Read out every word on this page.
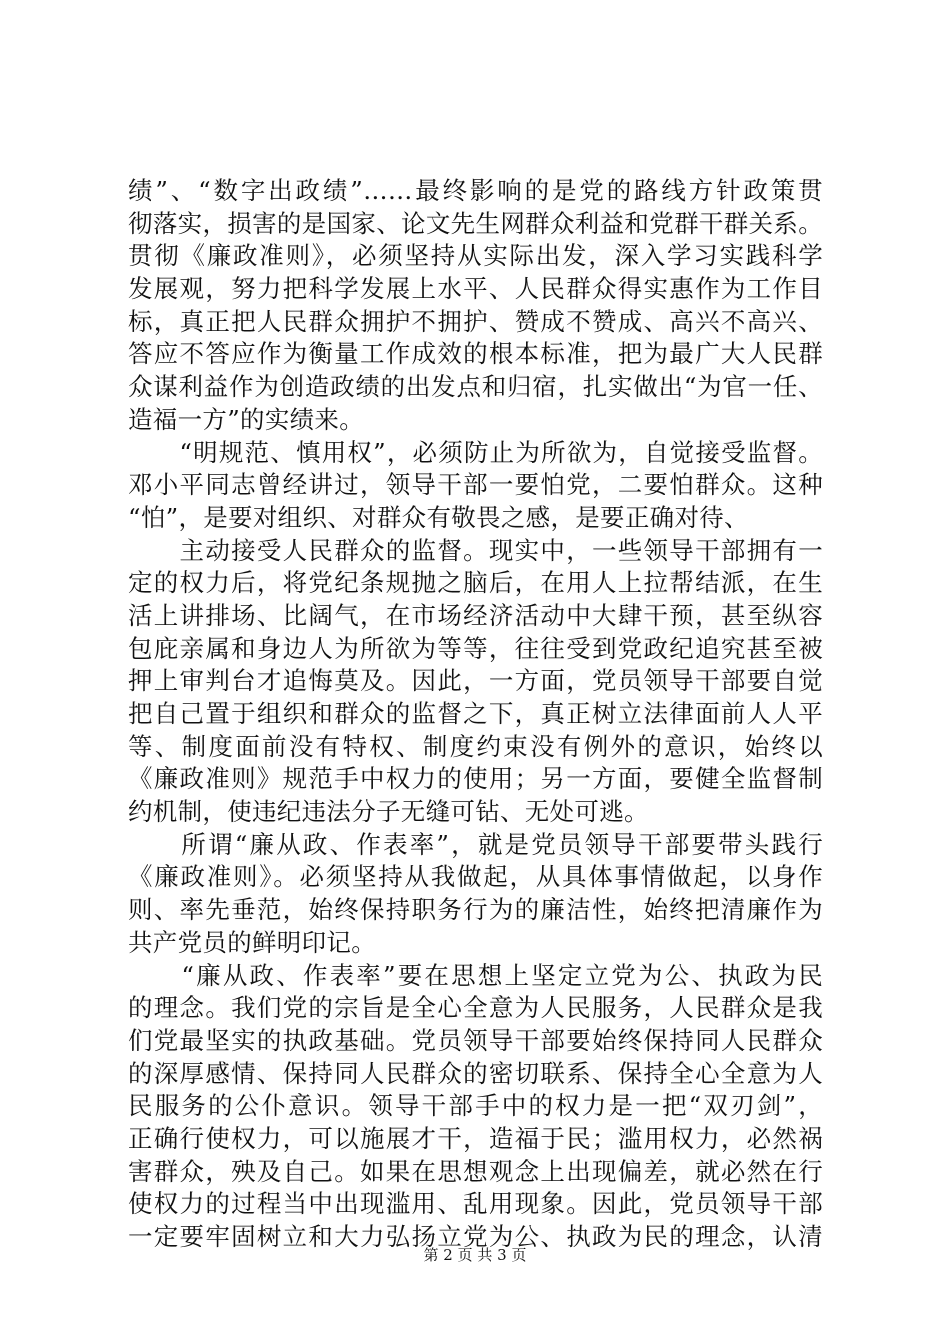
绩”、“数字出政绩”……最终影响的是党的路线方针政策贯
彻落实，损害的是国家、论文先生网群众利益和党群干群关系。
贯彻《廉政准则》，必须坚持从实际出发，深入学习实践科学
发展观，努力把科学发展上水平、人民群众得实惠作为工作目
标，真正把人民群众拥护不拥护、赞成不赞成、高兴不高兴、
答应不答应作为衡量工作成效的根本标准，把为最广大人民群
众谋利益作为创造政绩的出发点和归宿，扎实做出“为官一任、
造福一方”的实绩来。
　　“明规范、慎用权”，必须防止为所欲为，自觉接受监督。
邓小平同志曾经讲过，领导干部一要怕党，二要怕群众。这种
“怕”，是要对组织、对群众有敬畏之感，是要正确对待、
　　主动接受人民群众的监督。现实中，一些领导干部拥有一
定的权力后，将党纪条规抛之脑后，在用人上拉帮结派，在生
活上讲排场、比阔气，在市场经济活动中大肆干预，甚至纵容
包庇亲属和身边人为所欲为等等，往往受到党政纪追究甚至被
押上审判台才追悔莫及。因此，一方面，党员领导干部要自觉
把自己置于组织和群众的监督之下，真正树立法律面前人人平
等、制度面前没有特权、制度约束没有例外的意识，始终以
《廉政准则》规范手中权力的使用；另一方面，要健全监督制
约机制，使违纪违法分子无缝可钻、无处可逃。
　　所谓“廉从政、作表率”，就是党员领导干部要带头践行
《廉政准则》。必须坚持从我做起，从具体事情做起，以身作
则、率先垂范，始终保持职务行为的廉洁性，始终把清廉作为
共产党员的鲜明印记。
　　“廉从政、作表率”要在思想上坚定立党为公、执政为民
的理念。我们党的宗旨是全心全意为人民服务，人民群众是我
们党最坚实的执政基础。党员领导干部要始终保持同人民群众
的深厚感情、保持同人民群众的密切联系、保持全心全意为人
民服务的公仆意识。领导干部手中的权力是一把“双刃剑”，
正确行使权力，可以施展才干，造福于民；滥用权力，必然祸
害群众，殃及自己。如果在思想观念上出现偏差，就必然在行
使权力的过程当中出现滥用、乱用现象。因此，党员领导干部
一定要牢固树立和大力弘扬立党为公、执政为民的理念，认清
第 2 页 共 3 页
